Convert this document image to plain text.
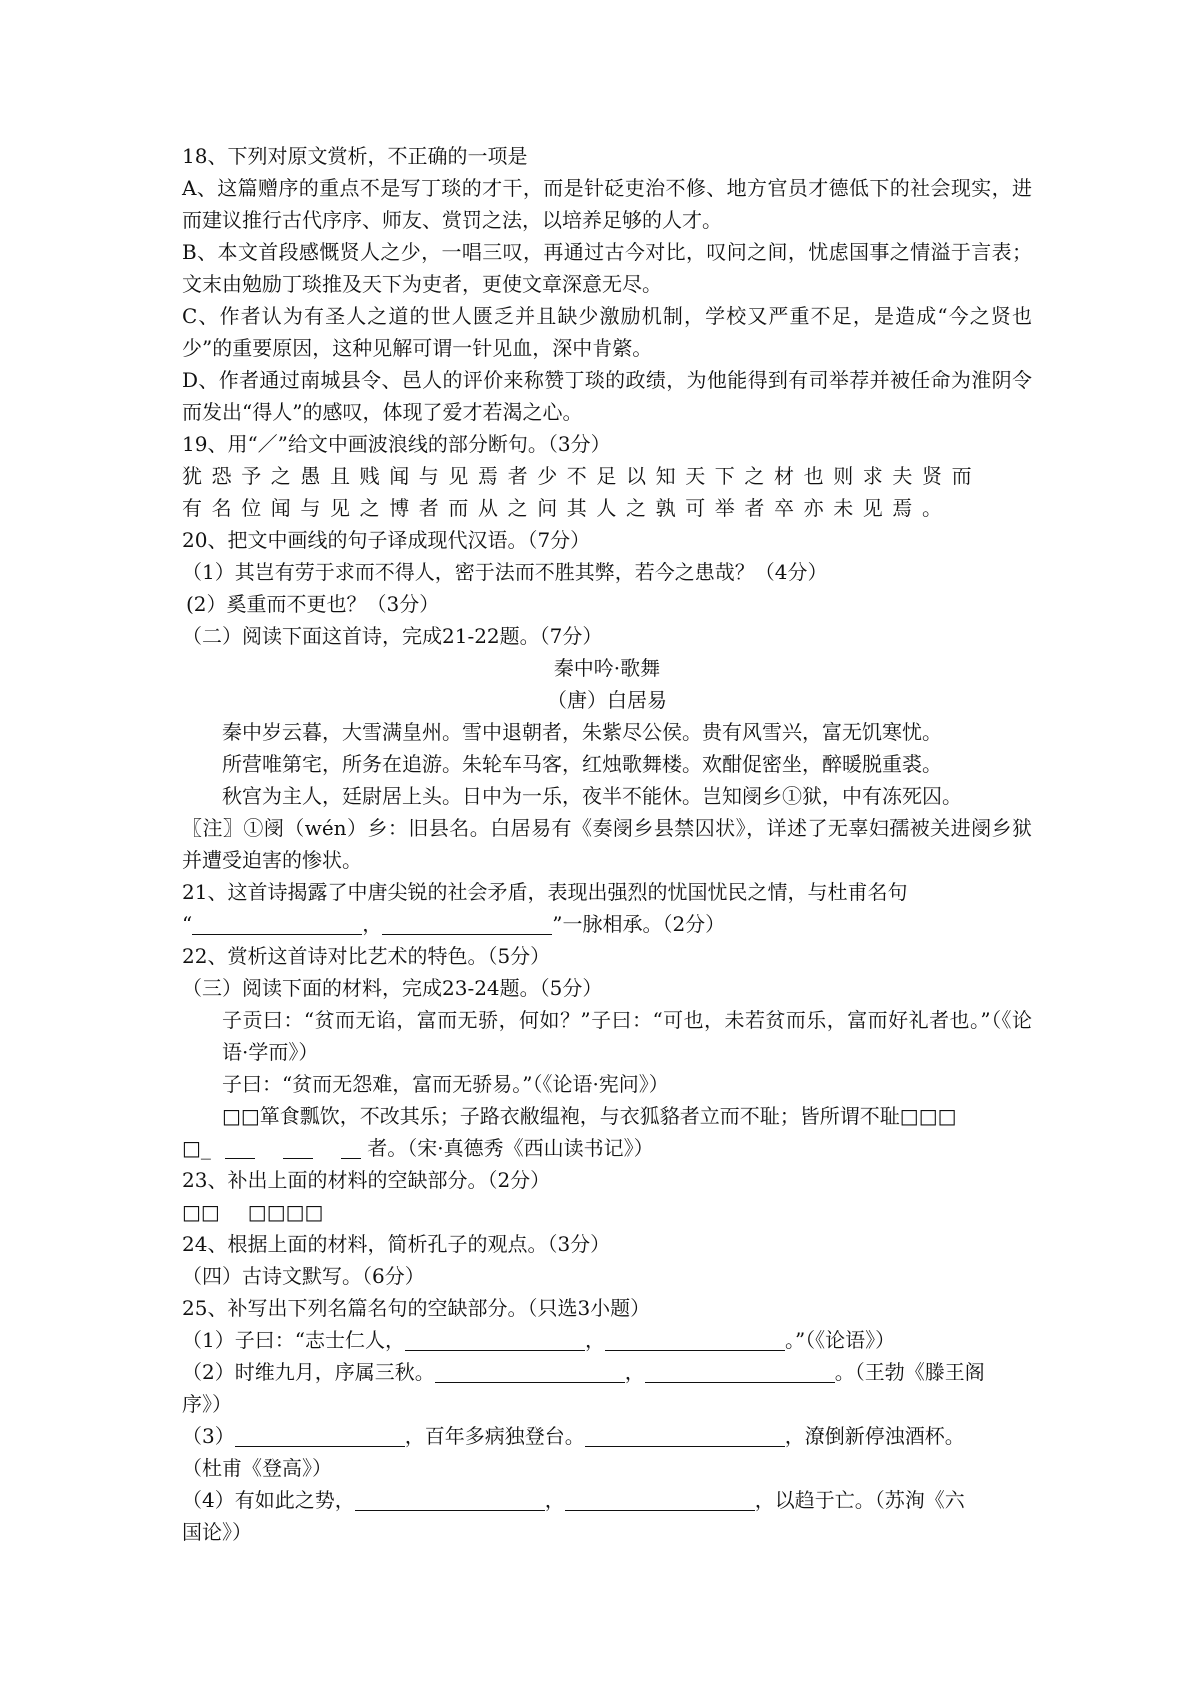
18、下列对原文赏析，不正确的一项是
A、这篇赠序的重点不是写丁琰的才干，而是针砭吏治不修、地方官员才德低下的社会现实，进而建议推行古代序序、师友、赏罚之法，以培养足够的人才。
B、本文首段感慨贤人之少，一唱三叹，再通过古今对比，叹问之间，忧虑国事之情溢于言表；文末由勉励丁琰推及天下为吏者，更使文章深意无尽。
C、作者认为有圣人之道的世人匮乏并且缺少激励机制，学校又严重不足，是造成“今之贤也少”的重要原因，这种见解可谓一针见血，深中肯綮。
D、作者通过南城县令、邑人的评价来称赞丁琰的政绩，为他能得到有司举荐并被任命为淮阴令而发出“得人”的感叹，体现了爱才若渴之心。
19、用“／”给文中画波浪线的部分断句。（3分）
犹恐予之愚且贱闻与见焉者少不足以知天下之材也则求夫贤而
有名位闻与见之博者而从之问其人之孰可举者卒亦未见焉。
20、把文中画线的句子译成现代汉语。（7分）
（1）其岂有劳于求而不得人，密于法而不胜其弊，若今之患哉？（4分）
(2）奚重而不更也？（3分）
（二）阅读下面这首诗，完成21-22题。（7分）
秦中吟·歌舞
（唐）白居易
秦中岁云暮，大雪满皇州。雪中退朝者，朱紫尽公侯。贵有风雪兴，富无饥寒忧。
所营唯第宅，所务在追游。朱轮车马客，红烛歌舞楼。欢酣促密坐，醉暖脱重裘。
秋宫为主人，廷尉居上头。日中为一乐，夜半不能休。岂知阌乡①狱，中有冻死囚。
〖注〗①阌（wén）乡：旧县名。白居易有《奏阌乡县禁囚状》，详述了无辜妇孺被关进阌乡狱并遭受迫害的惨状。
21、这首诗揭露了中唐尖锐的社会矛盾，表现出强烈的忧国忧民之情，与杜甫名句
“	，	”一脉相承。（2分）
22、赏析这首诗对比艺术的特色。（5分）
（三）阅读下面的材料，完成23-24题。（5分）
子贡曰：“贫而无谄，富而无骄，何如？”子曰：“可也，未若贫而乐，富而好礼者也。”（《论语·学而》）
子曰：“贫而无怨难，富而无骄易。”（《论语·宪问》）
□□箪食瓢饮，不改其乐；子路衣敝缊袍，与衣狐貉者立而不耻；皆所谓不耻□□□
□_	者。（宋·真德秀《西山读书记》）
23、补出上面的材料的空缺部分。（2分）
□□ □□□□
24、根据上面的材料，简析孔子的观点。（3分）
（四）古诗文默写。（6分）
25、补写出下列名篇名句的空缺部分。（只选3小题）
（1）子曰：“志士仁人，	，	。”（《论语》）
（2）时维九月，序属三秋。	，	。（王勃《滕王阁
序》）
（3）	，百年多病独登台。	，潦倒新停浊酒杯。
（杜甫《登高》）
（4）有如此之势，	，	，以趋于亡。（苏洵《六
国论》）
